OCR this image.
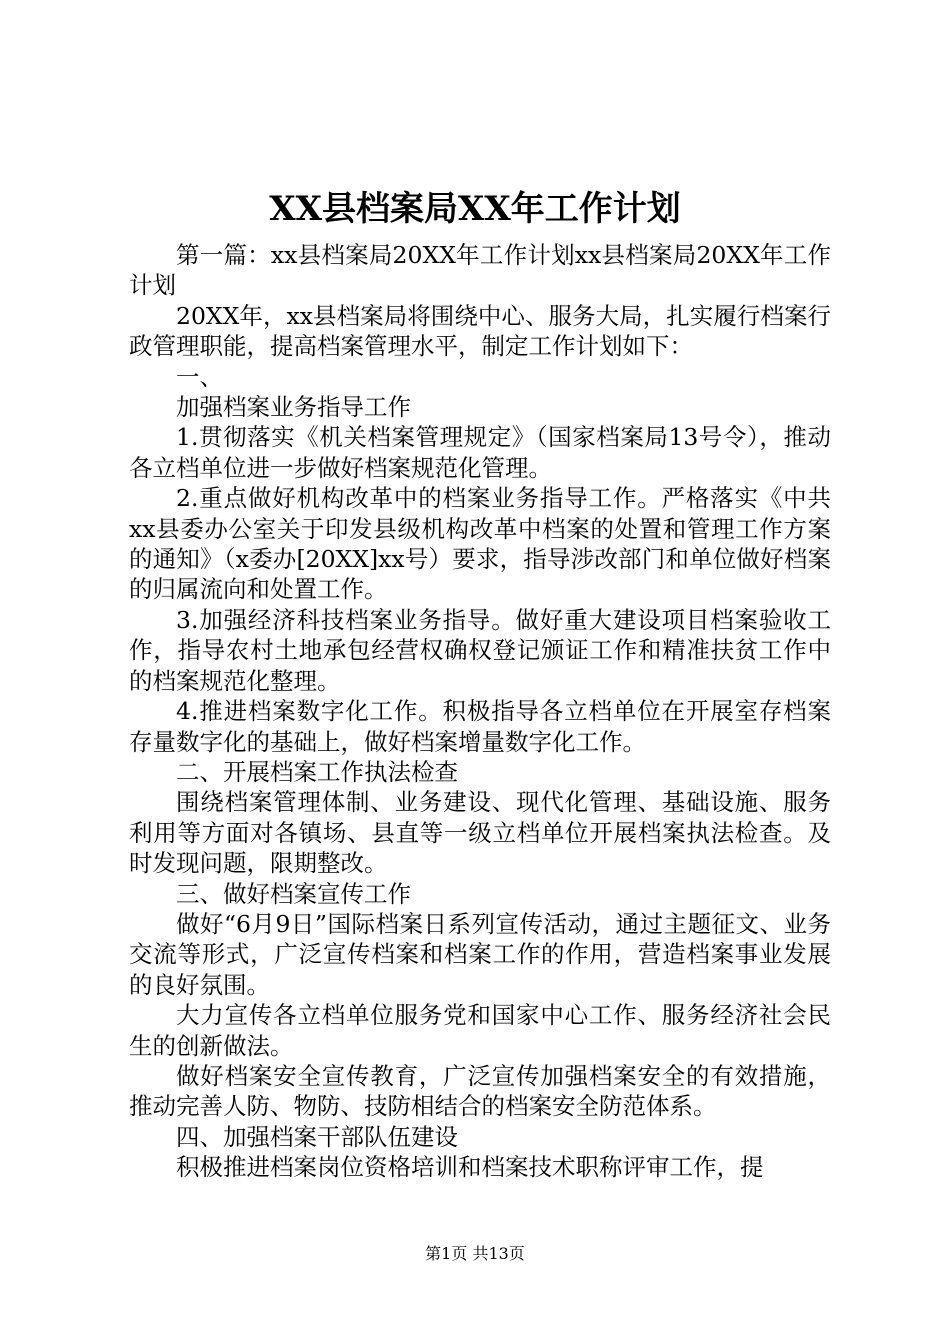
XX县档案局XX年工作计划

第一篇：xx县档案局20XX年工作计划xx县档案局20XX年工作计划

20XX年，xx县档案局将围绕中心、服务大局，扎实履行档案行政管理职能，提高档案管理水平，制定工作计划如下：

一、

加强档案业务指导工作

1.贯彻落实《机关档案管理规定》（国家档案局13号令），推动各立档单位进一步做好档案规范化管理。

2.重点做好机构改革中的档案业务指导工作。严格落实《中共xx县委办公室关于印发县级机构改革中档案的处置和管理工作方案的通知》（x委办[20XX]xx号）要求，指导涉改部门和单位做好档案的归属流向和处置工作。

3.加强经济科技档案业务指导。做好重大建设项目档案验收工作，指导农村土地承包经营权确权登记颁证工作和精准扶贫工作中的档案规范化整理。

4.推进档案数字化工作。积极指导各立档单位在开展室存档案存量数字化的基础上，做好档案增量数字化工作。

二、开展档案工作执法检查

围绕档案管理体制、业务建设、现代化管理、基础设施、服务利用等方面对各镇场、县直等一级立档单位开展档案执法检查。及时发现问题，限期整改。

三、做好档案宣传工作

做好“6月9日”国际档案日系列宣传活动，通过主题征文、业务交流等形式，广泛宣传档案和档案工作的作用，营造档案事业发展的良好氛围。

大力宣传各立档单位服务党和国家中心工作、服务经济社会民生的创新做法。

做好档案安全宣传教育，广泛宣传加强档案安全的有效措施，推动完善人防、物防、技防相结合的档案安全防范体系。

四、加强档案干部队伍建设

积极推进档案岗位资格培训和档案技术职称评审工作，提

第1页 共13页
